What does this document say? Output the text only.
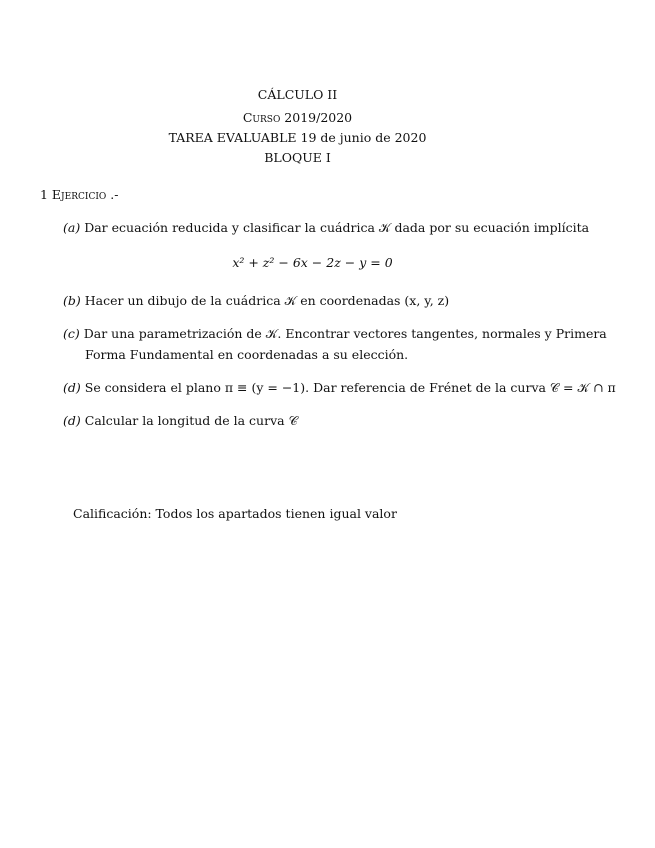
CÁLCULO II
Curso 2019/2020
TAREA EVALUABLE 19 de junio de 2020
BLOQUE I
1 Ejercicio .-
(a) Dar ecuación reducida y clasificar la cuádrica 𝒦 dada por su ecuación implícita
x² + z² − 6x − 2z − y = 0
(b) Hacer un dibujo de la cuádrica 𝒦 en coordenadas (x, y, z)
(c) Dar una parametrización de 𝒦. Encontrar vectores tangentes, normales y Primera
Forma Fundamental en coordenadas a su elección.
(d) Se considera el plano π ≡ (y = −1). Dar referencia de Frénet de la curva 𝒞 = 𝒦 ∩ π
(d) Calcular la longitud de la curva 𝒞
Calificación: Todos los apartados tienen igual valor
